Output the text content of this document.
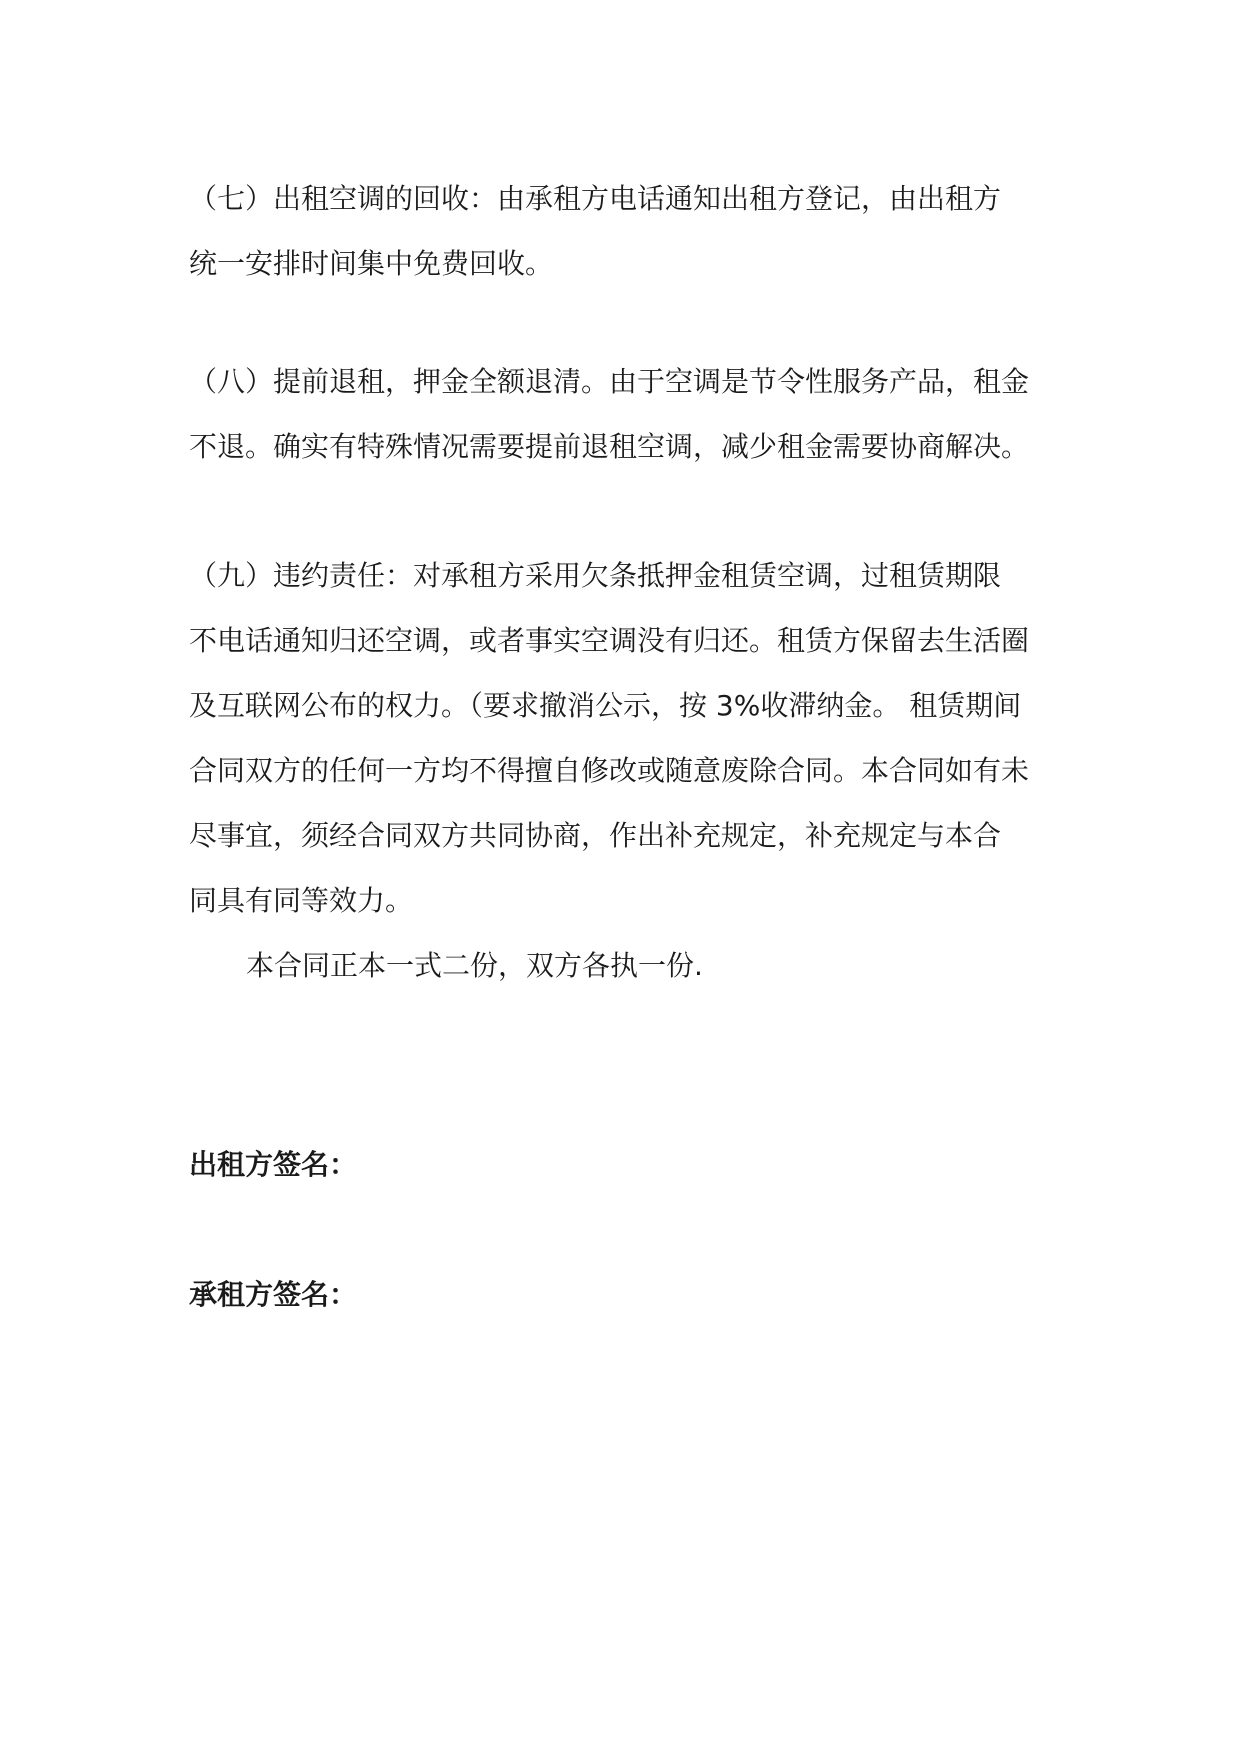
（七）出租空调的回收：由承租方电话通知出租方登记，由出租方
统一安排时间集中免费回收。
（八）提前退租，押金全额退清。由于空调是节令性服务产品，租金
不退。确实有特殊情况需要提前退租空调，减少租金需要协商解决。
（九）违约责任：对承租方采用欠条抵押金租赁空调，过租赁期限
不电话通知归还空调，或者事实空调没有归还。租赁方保留去生活圈
及互联网公布的权力。（要求撤消公示，按 3%收滞纳金。 租赁期间
合同双方的任何一方均不得擅自修改或随意废除合同。本合同如有未
尽事宜，须经合同双方共同协商，作出补充规定，补充规定与本合
同具有同等效力。
本合同正本一式二份，双方各执一份.
出租方签名：
承租方签名：
